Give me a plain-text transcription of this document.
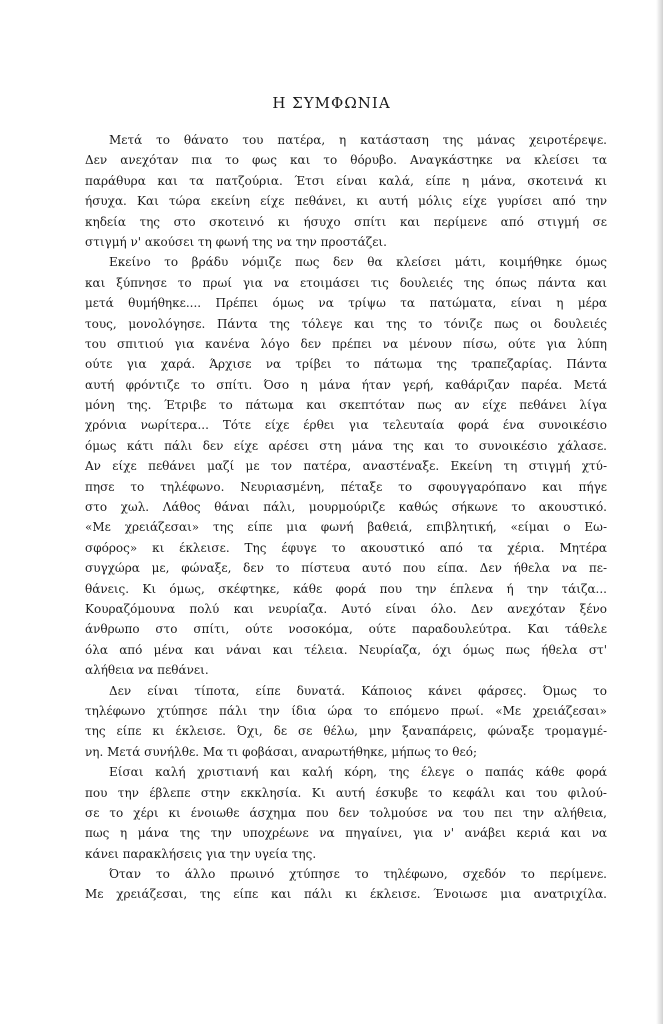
Η ΣΥΜΦΩΝΙΑ
Μετά το θάνατο του πατέρα, η κατάσταση της μάνας χειροτέρεψε.
Δεν ανεχόταν πια το φως και το θόρυβο. Αναγκάστηκε να κλείσει τα
παράθυρα και τα πατζούρια. Έτσι είναι καλά, είπε η μάνα, σκοτεινά κι
ήσυχα. Και τώρα εκείνη είχε πεθάνει, κι αυτή μόλις είχε γυρίσει από την
κηδεία της στο σκοτεινό κι ήσυχο σπίτι και περίμενε από στιγμή σε
στιγμή ν' ακούσει τη φωνή της να την προστάζει.
Εκείνο το βράδυ νόμιζε πως δεν θα κλείσει μάτι, κοιμήθηκε όμως
και ξύπνησε το πρωί για να ετοιμάσει τις δουλειές της όπως πάντα και
μετά θυμήθηκε.... Πρέπει όμως να τρίψω τα πατώματα, είναι η μέρα
τους, μονολόγησε. Πάντα της τόλεγε και της το τόνιζε πως οι δουλειές
του σπιτιού για κανένα λόγο δεν πρέπει να μένουν πίσω, ούτε για λύπη
ούτε για χαρά. Άρχισε να τρίβει το πάτωμα της τραπεζαρίας. Πάντα
αυτή φρόντιζε το σπίτι. Όσο η μάνα ήταν γερή, καθάριζαν παρέα. Μετά
μόνη της. Έτριβε το πάτωμα και σκεπτόταν πως αν είχε πεθάνει λίγα
χρόνια νωρίτερα... Τότε είχε έρθει για τελευταία φορά ένα συνοικέσιο
όμως κάτι πάλι δεν είχε αρέσει στη μάνα της και το συνοικέσιο χάλασε.
Αν είχε πεθάνει μαζί με τον πατέρα, αναστέναξε. Εκείνη τη στιγμή χτύ-
πησε το τηλέφωνο. Νευριασμένη, πέταξε το σφουγγαρόπανο και πήγε
στο χωλ. Λάθος θάναι πάλι, μουρμούριζε καθώς σήκωνε το ακουστικό.
«Με χρειάζεσαι» της είπε μια φωνή βαθειά, επιβλητική, «είμαι ο Εω-
σφόρος» κι έκλεισε. Της έφυγε το ακουστικό από τα χέρια. Μητέρα
συγχώρα με, φώναξε, δεν το πίστευα αυτό που είπα. Δεν ήθελα να πε-
θάνεις. Κι όμως, σκέφτηκε, κάθε φορά που την έπλενα ή την τάιζα...
Κουραζόμουνα πολύ και νευρίαζα. Αυτό είναι όλο. Δεν ανεχόταν ξένο
άνθρωπο στο σπίτι, ούτε νοσοκόμα, ούτε παραδουλεύτρα. Και τάθελε
όλα από μένα και νάναι και τέλεια. Νευρίαζα, όχι όμως πως ήθελα στ'
αλήθεια να πεθάνει.
Δεν είναι τίποτα, είπε δυνατά. Κάποιος κάνει φάρσες. Όμως το
τηλέφωνο χτύπησε πάλι την ίδια ώρα το επόμενο πρωί. «Με χρειάζεσαι»
της είπε κι έκλεισε. Όχι, δε σε θέλω, μην ξαναπάρεις, φώναξε τρομαγμέ-
νη. Μετά συνήλθε. Μα τι φοβάσαι, αναρωτήθηκε, μήπως το θεό;
Είσαι καλή χριστιανή και καλή κόρη, της έλεγε ο παπάς κάθε φορά
που την έβλεπε στην εκκλησία. Κι αυτή έσκυβε το κεφάλι και του φιλού-
σε το χέρι κι ένοιωθε άσχημα που δεν τολμούσε να του πει την αλήθεια,
πως η μάνα της την υποχρέωνε να πηγαίνει, για ν' ανάβει κεριά και να
κάνει παρακλήσεις για την υγεία της.
Όταν το άλλο πρωινό χτύπησε το τηλέφωνο, σχεδόν το περίμενε.
Με χρειάζεσαι, της είπε και πάλι κι έκλεισε. Ένοιωσε μια ανατριχίλα.
